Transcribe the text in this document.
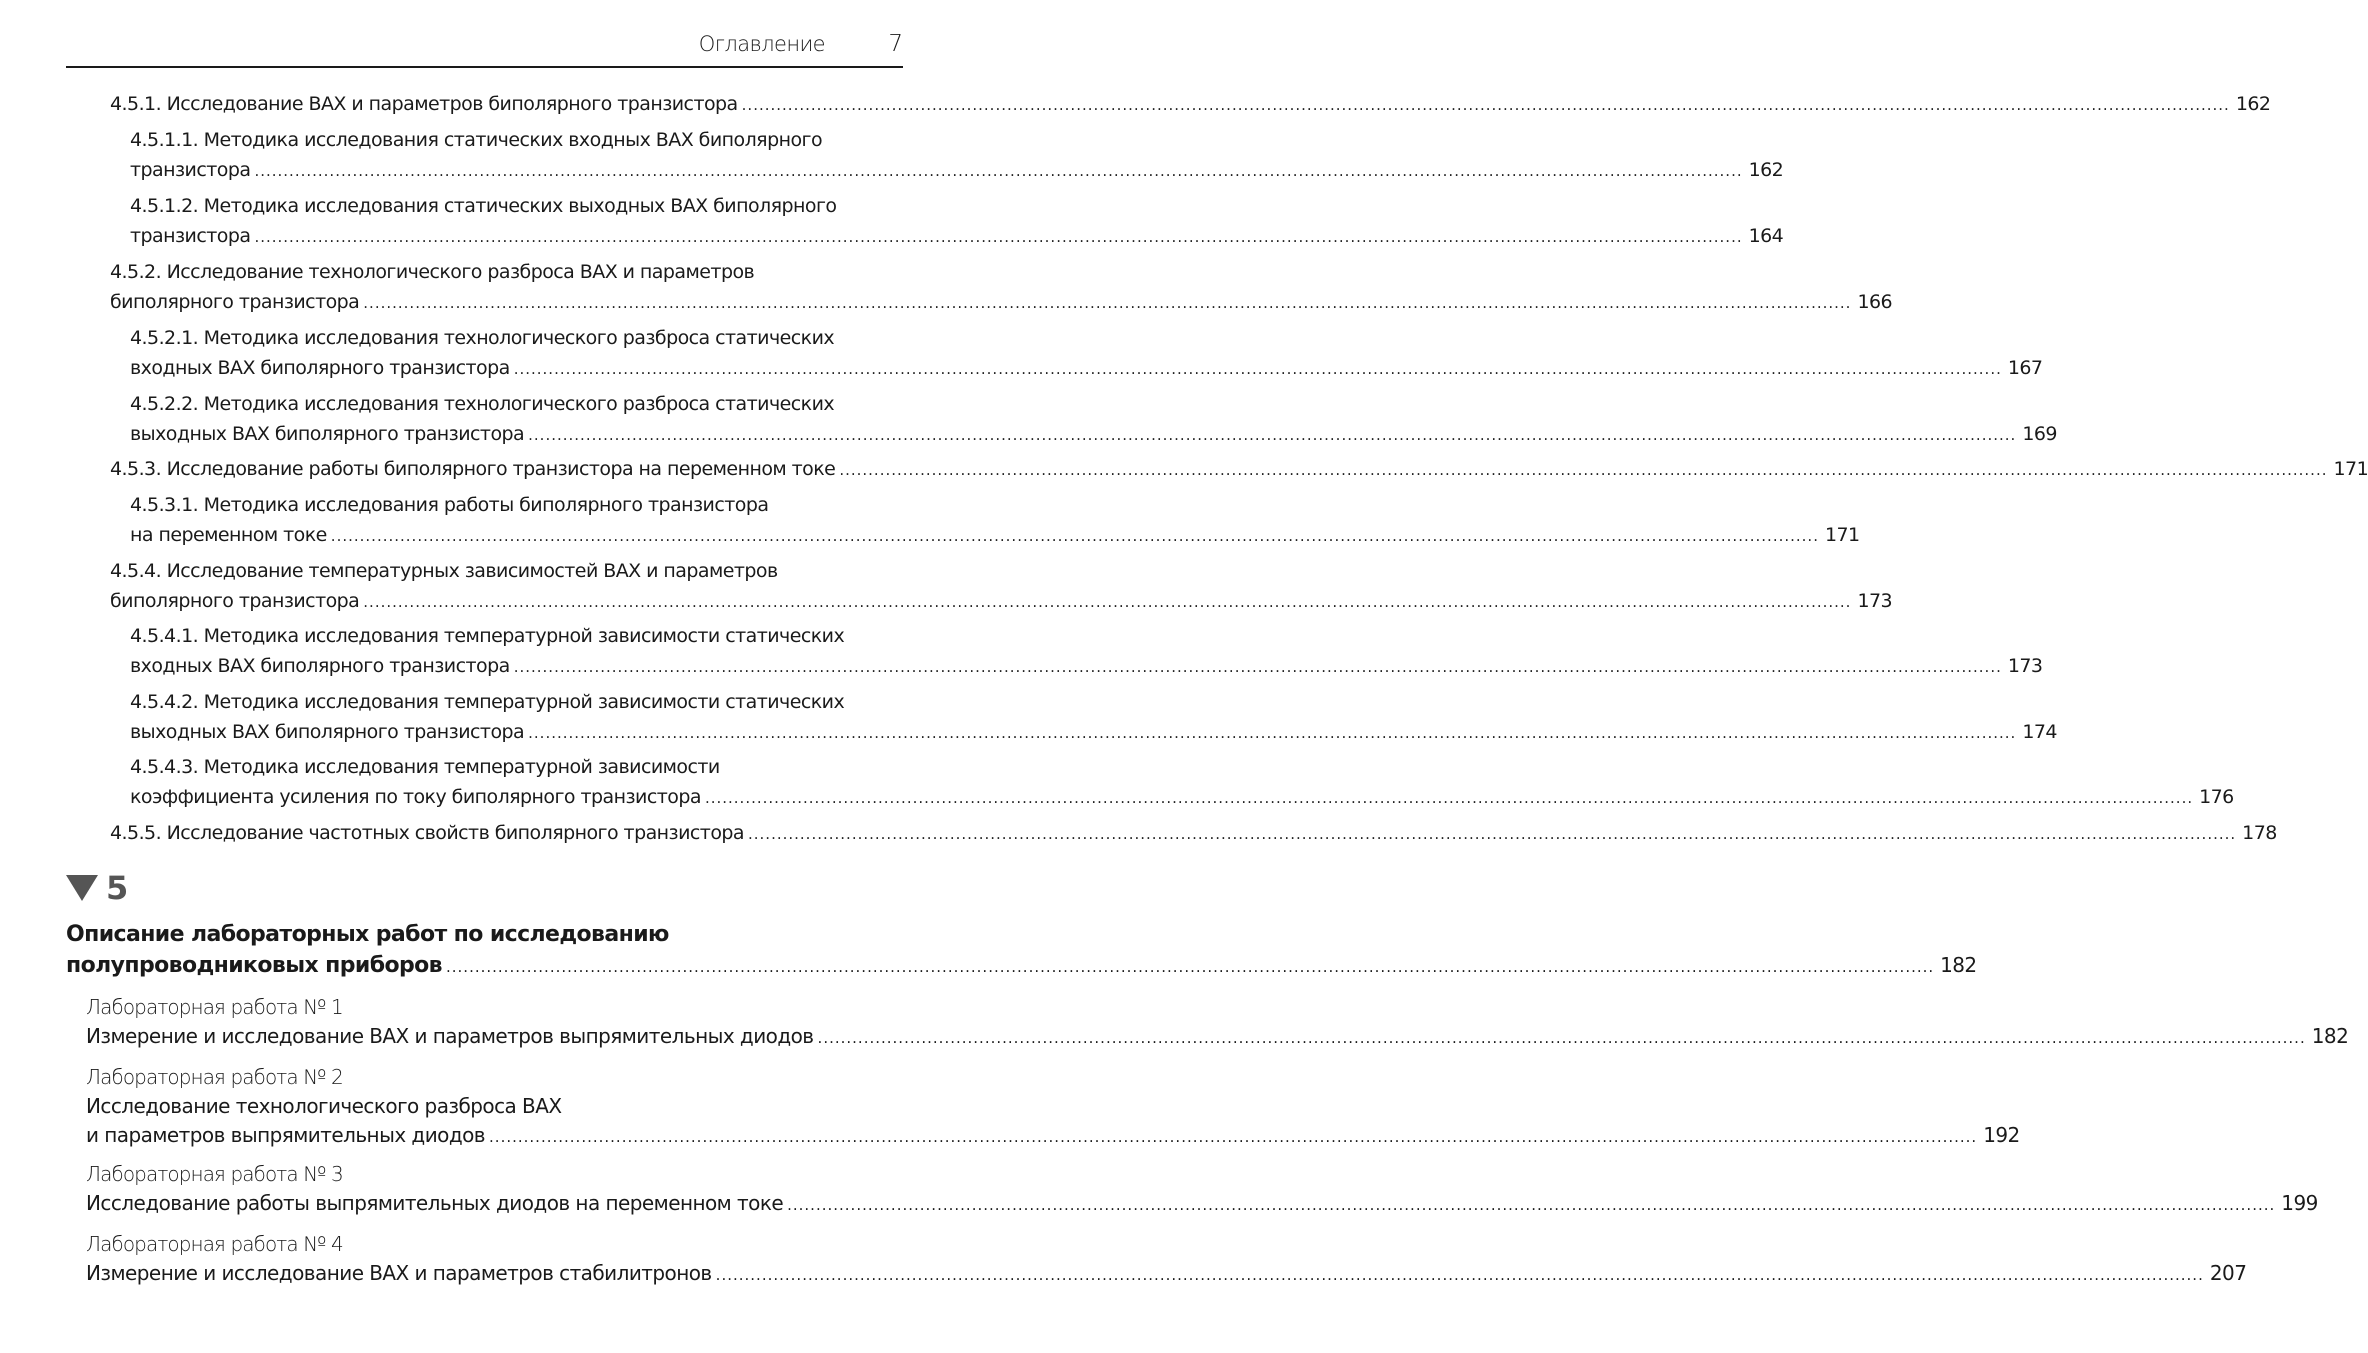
Оглавление	7
4.5.1. Исследование ВАХ и параметров биполярного транзистора .................................................................................................................................................................................................................................................................. 162
4.5.1.1. Методика исследования статических входных ВАХ биполярного
транзистора .................................................................................................................................................................................................................................................................. 162
4.5.1.2. Методика исследования статических выходных ВАХ биполярного
транзистора .................................................................................................................................................................................................................................................................. 164
4.5.2. Исследование технологического разброса ВАХ и параметров
биполярного транзистора .................................................................................................................................................................................................................................................................. 166
4.5.2.1. Методика исследования технологического разброса статических
входных ВАХ биполярного транзистора .................................................................................................................................................................................................................................................................. 167
4.5.2.2. Методика исследования технологического разброса статических
выходных ВАХ биполярного транзистора .................................................................................................................................................................................................................................................................. 169
4.5.3. Исследование работы биполярного транзистора на переменном токе .................................................................................................................................................................................................................................................................. 171
4.5.3.1. Методика исследования работы биполярного транзистора
на переменном токе .................................................................................................................................................................................................................................................................. 171
4.5.4. Исследование температурных зависимостей ВАХ и параметров
биполярного транзистора .................................................................................................................................................................................................................................................................. 173
4.5.4.1. Методика исследования температурной зависимости статических
входных ВАХ биполярного транзистора .................................................................................................................................................................................................................................................................. 173
4.5.4.2. Методика исследования температурной зависимости статических
выходных ВАХ биполярного транзистора .................................................................................................................................................................................................................................................................. 174
4.5.4.3. Методика исследования температурной зависимости
коэффициента усиления по току биполярного транзистора .................................................................................................................................................................................................................................................................. 176
4.5.5. Исследование частотных свойств биполярного транзистора .................................................................................................................................................................................................................................................................. 178
5
Описание лабораторных работ по исследованию
полупроводниковых приборов .................................................................................................................................................................................................................................................................. 182
Лабораторная работа № 1
Измерение и исследование ВАХ и параметров выпрямительных диодов .................................................................................................................................................................................................................................................................. 182
Лабораторная работа № 2
Исследование технологического разброса ВАХ
и параметров выпрямительных диодов .................................................................................................................................................................................................................................................................. 192
Лабораторная работа № 3
Исследование работы выпрямительных диодов на переменном токе .................................................................................................................................................................................................................................................................. 199
Лабораторная работа № 4
Измерение и исследование ВАХ и параметров стабилитронов .................................................................................................................................................................................................................................................................. 207
